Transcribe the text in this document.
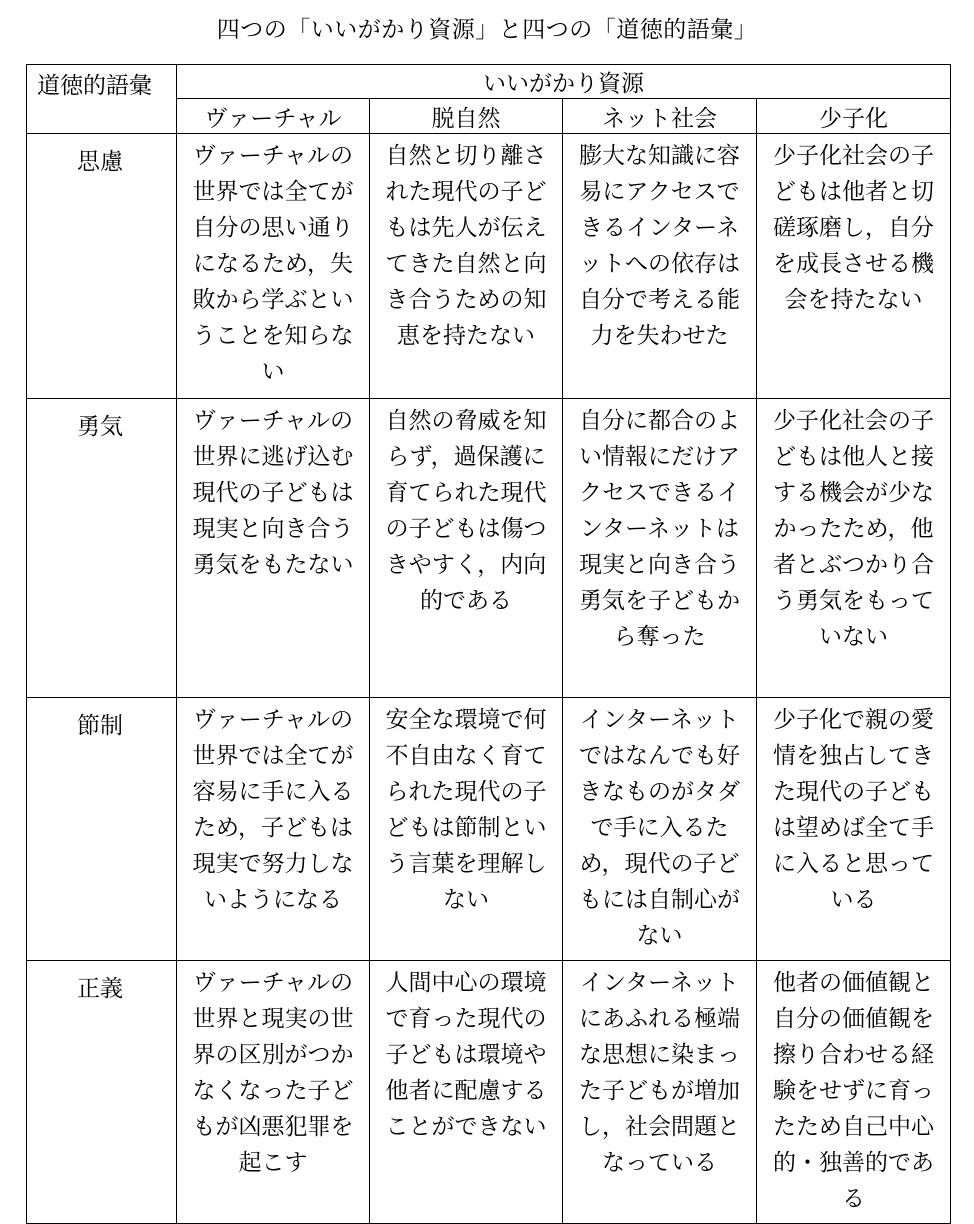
四つの「いいがかり資源」と四つの「道徳的語彙」
道徳的語彙	いいがかり資源			
	ヴァーチャル	脱自然	ネット社会	少子化
思慮	ヴァーチャルの世界では全てが自分の思い通りになるため，失敗から学ぶということを知らない	自然と切り離された現代の子どもは先人が伝えてきた自然と向き合うための知恵を持たない	膨大な知識に容易にアクセスできるインターネットへの依存は自分で考える能力を失わせた	少子化社会の子どもは他者と切磋琢磨し，自分を成長させる機会を持たない
勇気	ヴァーチャルの世界に逃げ込む現代の子どもは現実と向き合う勇気をもたない	自然の脅威を知らず，過保護に育てられた現代の子どもは傷つきやすく，内向的である	自分に都合のよい情報にだけアクセスできるインターネットは現実と向き合う勇気を子どもから奪った	少子化社会の子どもは他人と接する機会が少なかったため，他者とぶつかり合う勇気をもっていない
節制	ヴァーチャルの世界では全てが容易に手に入るため，子どもは現実で努力しないようになる	安全な環境で何不自由なく育てられた現代の子どもは節制という言葉を理解しない	インターネットではなんでも好きなものがタダで手に入るため，現代の子どもには自制心がない	少子化で親の愛情を独占してきた現代の子どもは望めば全て手に入ると思っている
正義	ヴァーチャルの世界と現実の世界の区別がつかなくなった子どもが凶悪犯罪を起こす	人間中心の環境で育った現代の子どもは環境や他者に配慮することができない	インターネットにあふれる極端な思想に染まった子どもが増加し，社会問題となっている	他者の価値観と自分の価値観を擦り合わせる経験をせずに育ったため自己中心的・独善的である
